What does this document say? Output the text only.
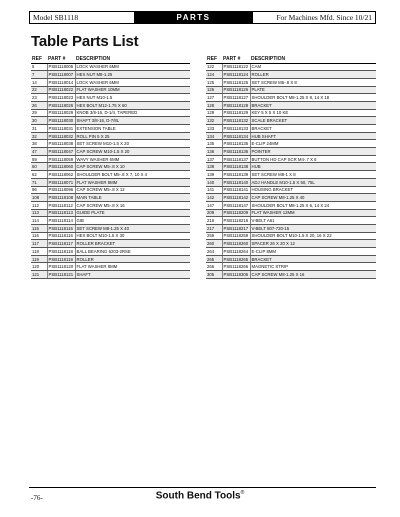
Model SB1118	PARTS	For Machines Mfd. Since 10/21
Table Parts List
REF	PART #	DESCRIPTION
5	PSB1118005	LOCK WASHER 6MM
7	PSB1118007	HEX NUT M8-1.25
14	PSB1118014	LOCK WASHER 6MM
22	PSB1118022	FLAT WASHER 10MM
23	PSB1118023	HEX NUT M10-1.5
26	PSB1118026	HEX BOLT M12-1.75 X 60
29	PSB1118029	KNOB 3/8-16, D-1/4, TAPERED
30	PSB1118030	SHAFT 3/8-16, D-7/8L
31	PSB1118031	EXTENSION TABLE
32	PSB1118032	ROLL PIN 5 X 25
38	PSB1118038	SET SCREW M10-1.5 X 20
47	PSB1118047	CAP SCREW M10-1.5 X 20
59	PSB1118059	WAVY WASHER 6MM
60	PSB1118060	CAP SCREW M5-.8 X 10
62	PSB1118062	SHOULDER BOLT M5-.8 X 7, 10 X 4
71	PSB1118071	FLAT WASHER 8MM
96	PSB1118096	CAP SCREW M5-.8 X 12
108	PSB1118108	MAIN TABLE
112	PSB1118112	CAP SCREW M5-.8 X 16
113	PSB1118113	GUIDE PLATE
114	PSB1118114	GIB
115	PSB1118115	SET SCREW M8-1.25 X 40
116	PSB1118116	HEX BOLT M10-1.5 X 30
117	PSB1118117	ROLLER BRACKET
118	PSB1118118	BALL BEARING 6203-2RSE
119	PSB1118119	ROLLER
120	PSB1118120	FLAT WASHER 8MM
121	PSB1118121	SHAFT
REF	PART #	DESCRIPTION
122	PSB1118122	CAM
124	PSB1118124	ROLLER
125	PSB1118125	SET SCREW M5-.8 X 8
126	PSB1118126	PLATE
127	PSB1118127	SHOULDER BOLT M8-1.25 X 8, 14 X 18
128	PSB1118128	BRACKET
129	PSB1118129	KEY 5 X 5 X 10 KE
132	PSB1118132	SCALE BRACKET
133	PSB1118133	BRACKET
134	PSB1118134	HUB SHAFT
135	PSB1118135	E-CLIP 24MM
136	PSB1118136	POINTER
137	PSB1118137	BUTTON HD CAP SCR M4-.7 X 6
138	PSB1118138	HUB
139	PSB1118139	SET SCREW M8-1 X 8
140	PSB1118140	ADJ HANDLE M10-1.5 X 50, 75L
141	PSB1118141	HOUSING BRACKET
142	PSB1118142	CAP SCREW M8-1.25 X 40
147	PSB1118147	SHOULDER BOLT M8-1.25 X 6, 14 X 24
209	PSB1118209	FLAT WASHER 12MM
216	PSB1118216	V-BELT A61
217	PSB1118217	V-BELT 807-720-15
259	PSB1118259	SHOULDER BOLT M10-1.5 X 20, 16 X 22
260	PSB1118260	SPACER 26 X 20 X 12
264	PSB1118264	E-CLIP 8MM
265	PSB1118265	BRACKET
266	PSB1118266	MAGNETIC STRIP
305	PSB1118305	CAP SCREW M8-1.25 X 16
-76-	South Bend Tools®
